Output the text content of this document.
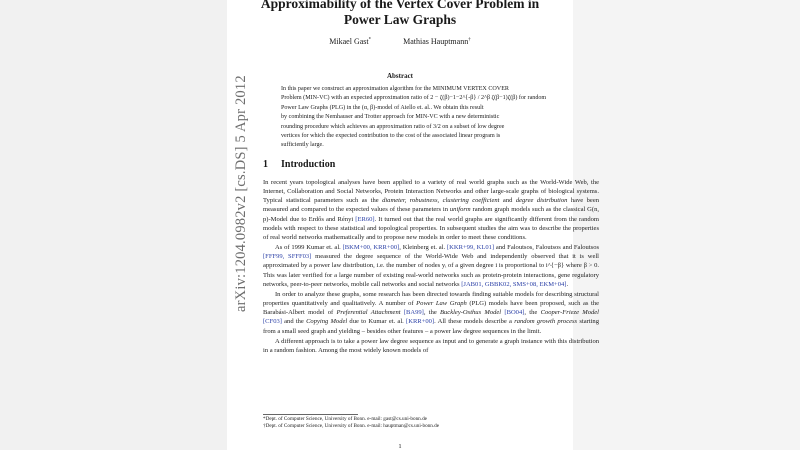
Approximability of the Vertex Cover Problem in
Power Law Graphs
Mikael Gast*	Mathias Hauptmann†
Abstract
In this paper we construct an approximation algorithm for the MINIMUM VERTEX COVER
Problem (MIN-VC) with an expected approximation ratio of 2 − ζ(β)−1−2^{-β} / 2^β ζ(β−1)ζ(β) for random
Power Law Graphs (PLG) in the (α, β)-model of Aiello et. al.. We obtain this result
by combining the Nemhauser and Trotter approach for MIN-VC with a new deterministic
rounding procedure which achieves an approximation ratio of 3/2 on a subset of low degree
vertices for which the expected contribution to the cost of the associated linear program is
sufficiently large.
1 Introduction

In recent years topological analyses have been applied to a variety of real world graphs such as the World-Wide Web, the Internet, Collaboration and Social Networks, Protein Interaction Networks and other large-scale graphs of biological systems. Typical statistical parameters such as the diameter, robustness, clustering coefficient and degree distribution have been measured and compared to the expected values of these parameters in uniform random graph models such as the classical G(n, p)-Model due to Erdős and Rényi [ER60]. It turned out that the real world graphs are significantly different from the random models with respect to these statistical and topological properties. In subsequent studies the aim was to describe the properties of real world networks mathematically and to propose new models in order to meet these conditions.

As of 1999 Kumar et. al. [BKM+00, KRR+00], Kleinberg et. al. [KKR+99, KL01] and Faloutsos, Faloutsos and Faloutsos [FFF99, SFFF03] measured the degree sequence of the World-Wide Web and independently observed that it is well approximated by a power law distribution, i.e. the number of nodes yᵢ of a given degree i is proportional to i^{−β} where β > 0. This was later verified for a large number of existing real-world networks such as protein-protein interactions, gene regulatory networks, peer-to-peer networks, mobile call networks and social networks [JAB01, GBBK02, SMS+08, EKM+04].

In order to analyze these graphs, some research has been directed towards finding suitable models for describing structural properties quantitatively and qualitatively. A number of Power Law Graph (PLG) models have been proposed, such as the Barabási-Albert model of Preferential Attachment [BA99], the Buckley-Osthus Model [BO04], the Cooper-Frieze Model [CF03] and the Copying Model due to Kumar et. al. [KRR+00]. All these models describe a random growth process starting from a small seed graph and yielding – besides other features – a power law degree sequences in the limit.

A different approach is to take a power law degree sequence as input and to generate a graph instance with this distribution in a random fashion. Among the most widely known models of

*Dept. of Computer Science, University of Bonn. e-mail: gast@cs.uni-bonn.de
†Dept. of Computer Science, University of Bonn. e-mail: hauptman@cs.uni-bonn.de
1
arXiv:1204.0982v2 [cs.DS] 5 Apr 2012
